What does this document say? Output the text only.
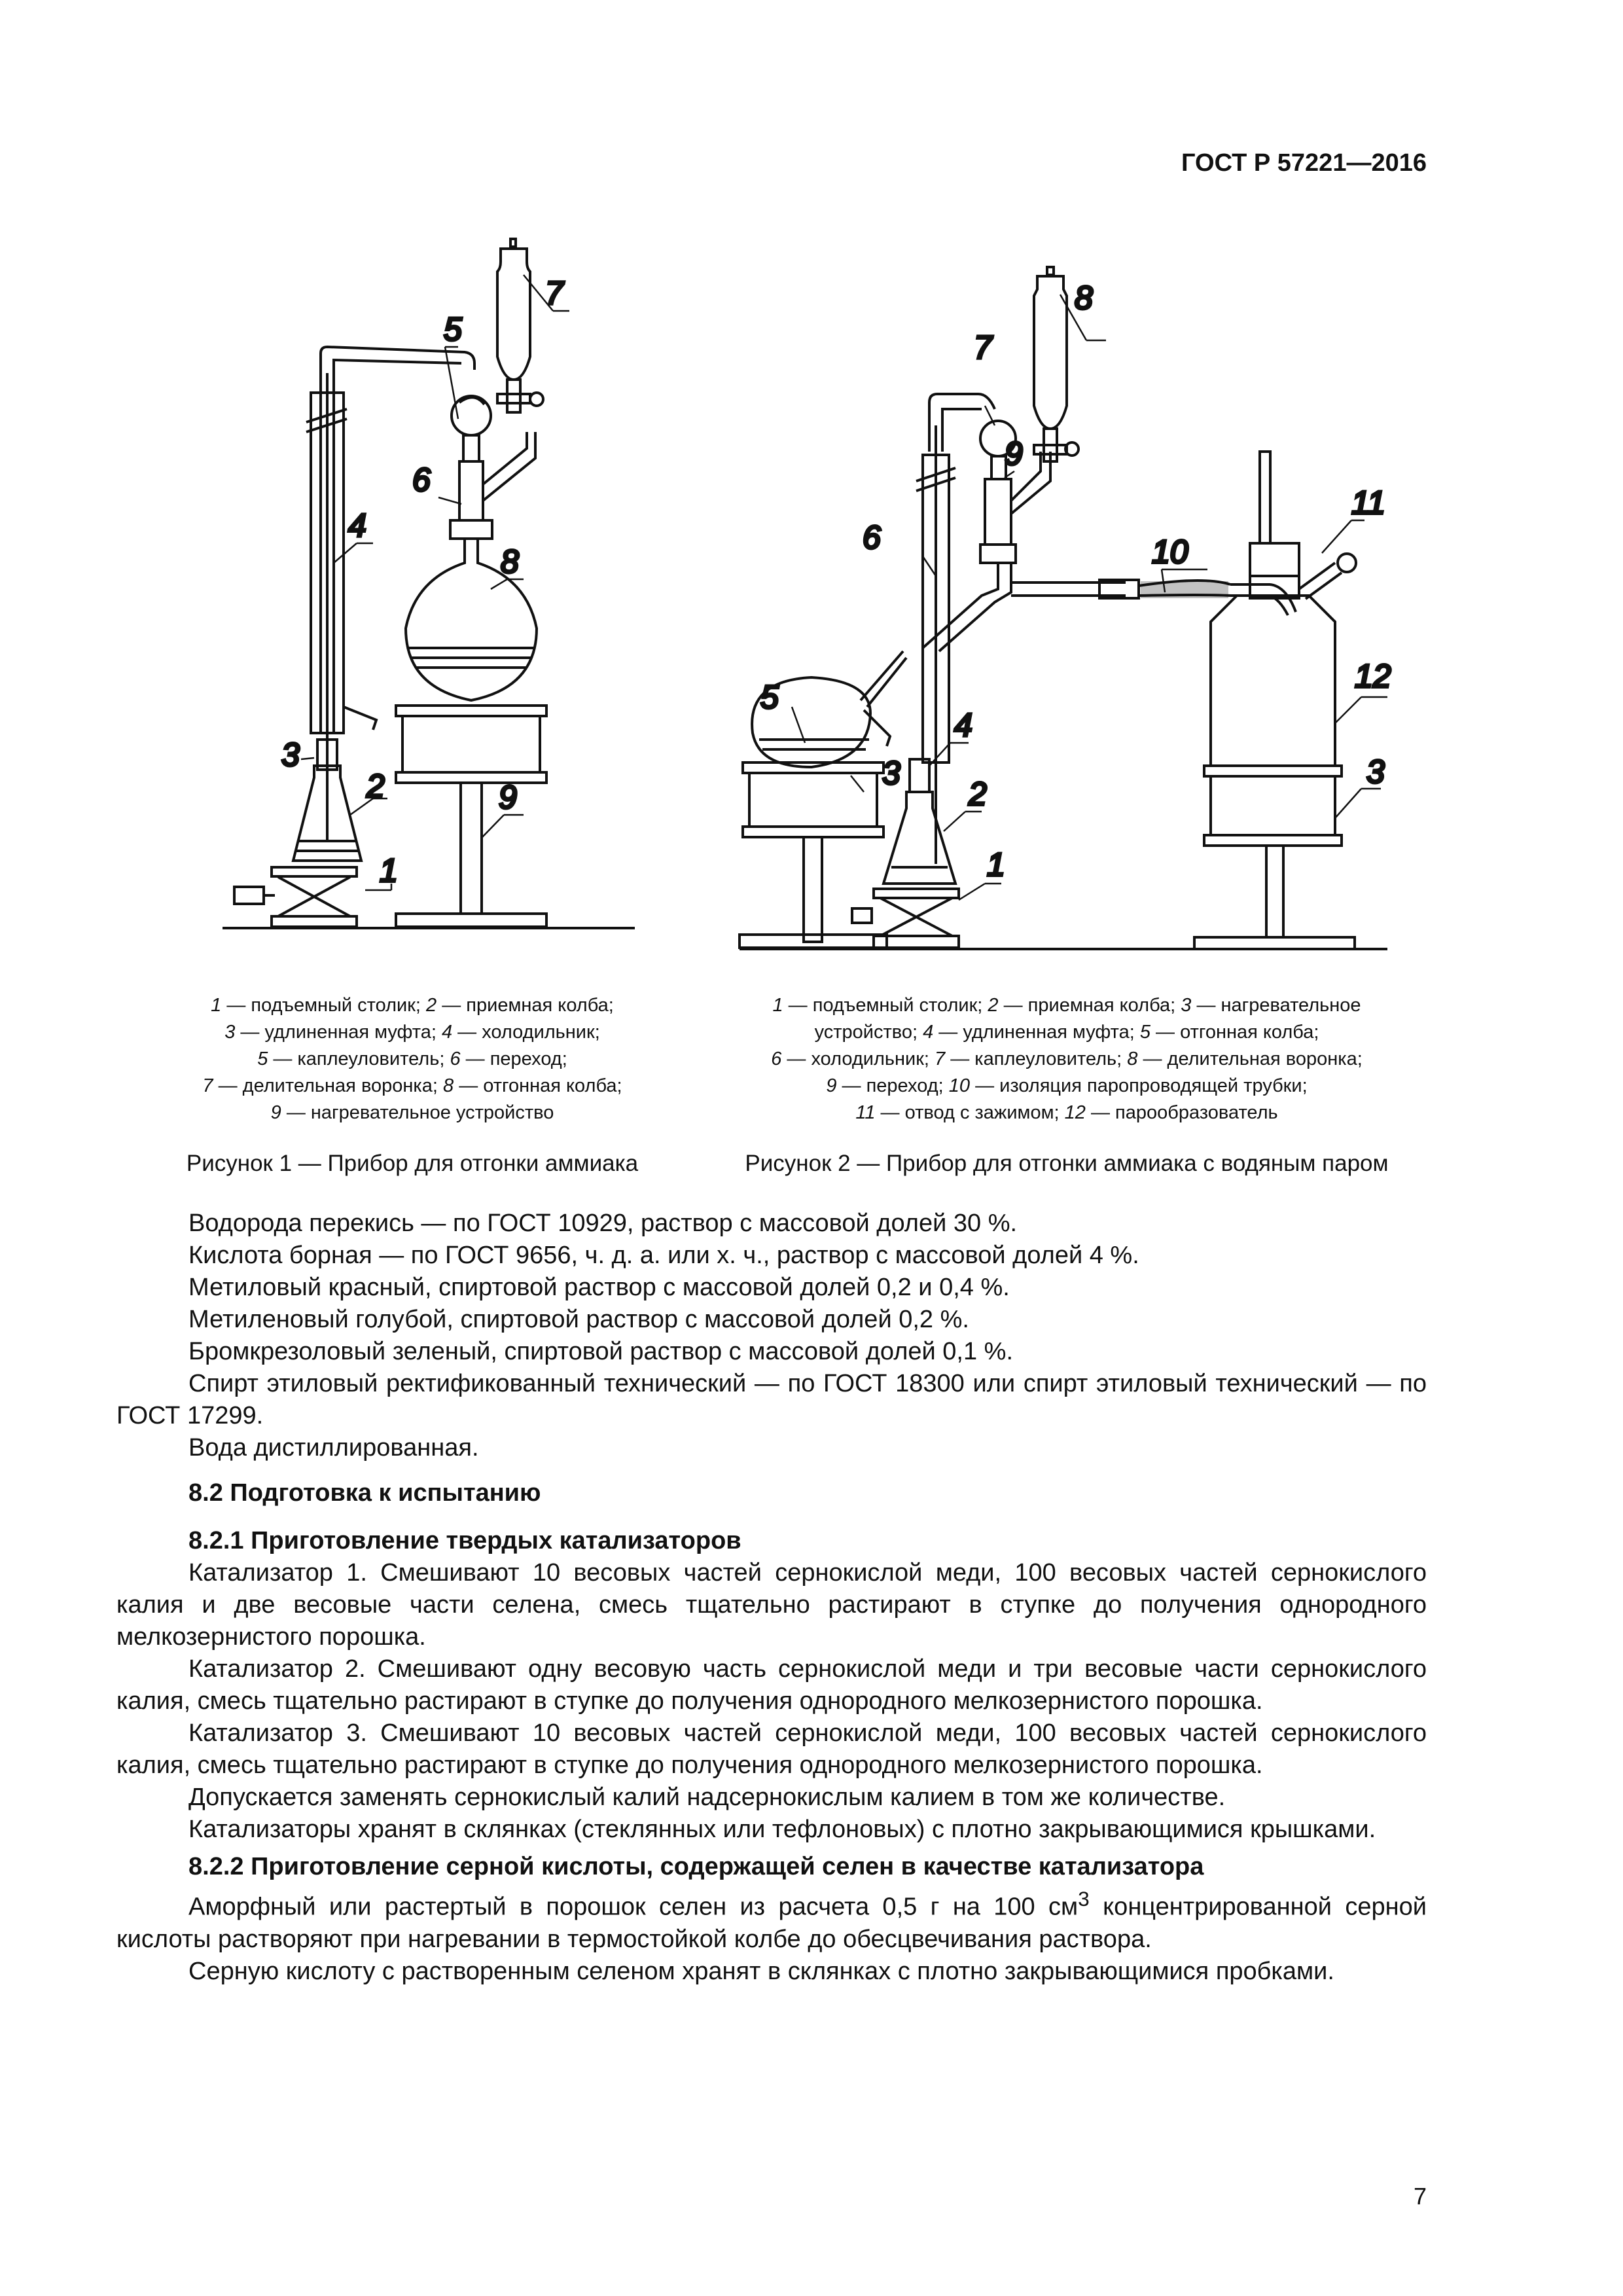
ГОСТ Р 57221—2016
1
2
3
4
5
6
7
8
9
1
2
3
4
5
6
7
8
9
10
11
12
3
1 — подъемный столик; 2 — приемная колба;
3 — удлиненная муфта; 4 — холодильник;
5 — каплеуловитель; 6 — переход;
7 — делительная воронка; 8 — отгонная колба;
9 — нагревательное устройство
1 — подъемный столик; 2 — приемная колба; 3 — нагревательное
устройство; 4 — удлиненная муфта; 5 — отгонная колба;
6 — холодильник; 7 — каплеуловитель; 8 — делительная воронка;
9 — переход; 10 — изоляция паропроводящей трубки;
11 — отвод с зажимом; 12 — парообразователь
Рисунок 1 — Прибор для отгонки аммиака	Рисунок 2 — Прибор для отгонки аммиака с водяным паром

Водорода перекись — по ГОСТ 10929, раствор с массовой долей 30 %.

Кислота борная — по ГОСТ 9656, ч. д. а. или х. ч., раствор с массовой долей 4 %.

Метиловый красный, спиртовой раствор с массовой долей 0,2 и 0,4 %.

Метиленовый голубой, спиртовой раствор с массовой долей 0,2 %.

Бромкрезоловый зеленый, спиртовой раствор с массовой долей 0,1 %.

Спирт этиловый ректификованный технический — по ГОСТ 18300 или спирт этиловый технический — по ГОСТ 17299.

Вода дистиллированная.

8.2 Подготовка к испытанию

8.2.1 Приготовление твердых катализаторов

Катализатор 1. Смешивают 10 весовых частей сернокислой меди, 100 весовых частей сернокислого калия и две весовые части селена, смесь тщательно растирают в ступке до получения однородного мелкозернистого порошка.

Катализатор 2. Смешивают одну весовую часть сернокислой меди и три весовые части сернокислого калия, смесь тщательно растирают в ступке до получения однородного мелкозернистого порошка.

Катализатор 3. Смешивают 10 весовых частей сернокислой меди, 100 весовых частей сернокислого калия, смесь тщательно растирают в ступке до получения однородного мелкозернистого порошка.

Допускается заменять сернокислый калий надсернокислым калием в том же количестве.

Катализаторы хранят в склянках (стеклянных или тефлоновых) с плотно закрывающимися крышками.

8.2.2 Приготовление серной кислоты, содержащей селен в качестве катализатора

Аморфный или растертый в порошок селен из расчета 0,5 г на 100 $см^3$ концентрированной серной кислоты растворяют при нагревании в термостойкой колбе до обесцвечивания раствора.

Серную кислоту с растворенным селеном хранят в склянках с плотно закрывающимися пробками.

7
